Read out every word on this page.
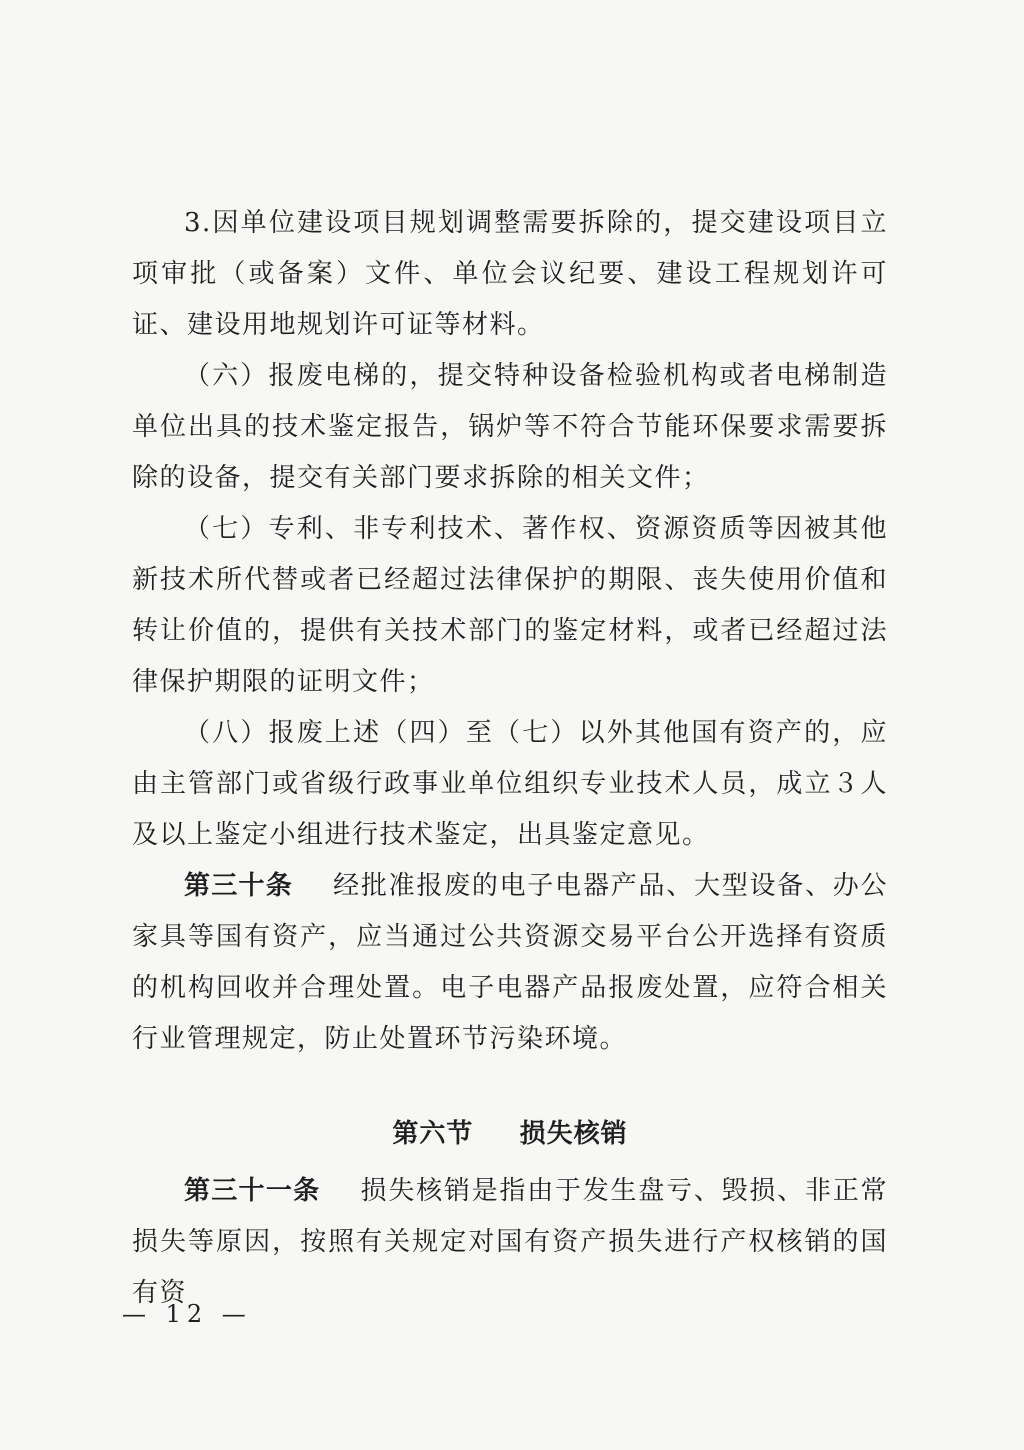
3.因单位建设项目规划调整需要拆除的，提交建设项目立项审批（或备案）文件、单位会议纪要、建设工程规划许可证、建设用地规划许可证等材料。

（六）报废电梯的，提交特种设备检验机构或者电梯制造单位出具的技术鉴定报告，锅炉等不符合节能环保要求需要拆除的设备，提交有关部门要求拆除的相关文件；

（七）专利、非专利技术、著作权、资源资质等因被其他新技术所代替或者已经超过法律保护的期限、丧失使用价值和转让价值的，提供有关技术部门的鉴定材料，或者已经超过法律保护期限的证明文件；

（八）报废上述（四）至（七）以外其他国有资产的，应由主管部门或省级行政事业单位组织专业技术人员，成立３人及以上鉴定小组进行技术鉴定，出具鉴定意见。

第三十条 经批准报废的电子电器产品、大型设备、办公家具等国有资产，应当通过公共资源交易平台公开选择有资质的机构回收并合理处置。电子电器产品报废处置，应符合相关行业管理规定，防止处置环节污染环境。

第六节 损失核销

第三十一条 损失核销是指由于发生盘亏、毁损、非正常损失等原因，按照有关规定对国有资产损失进行产权核销的国有资

— 12 —
